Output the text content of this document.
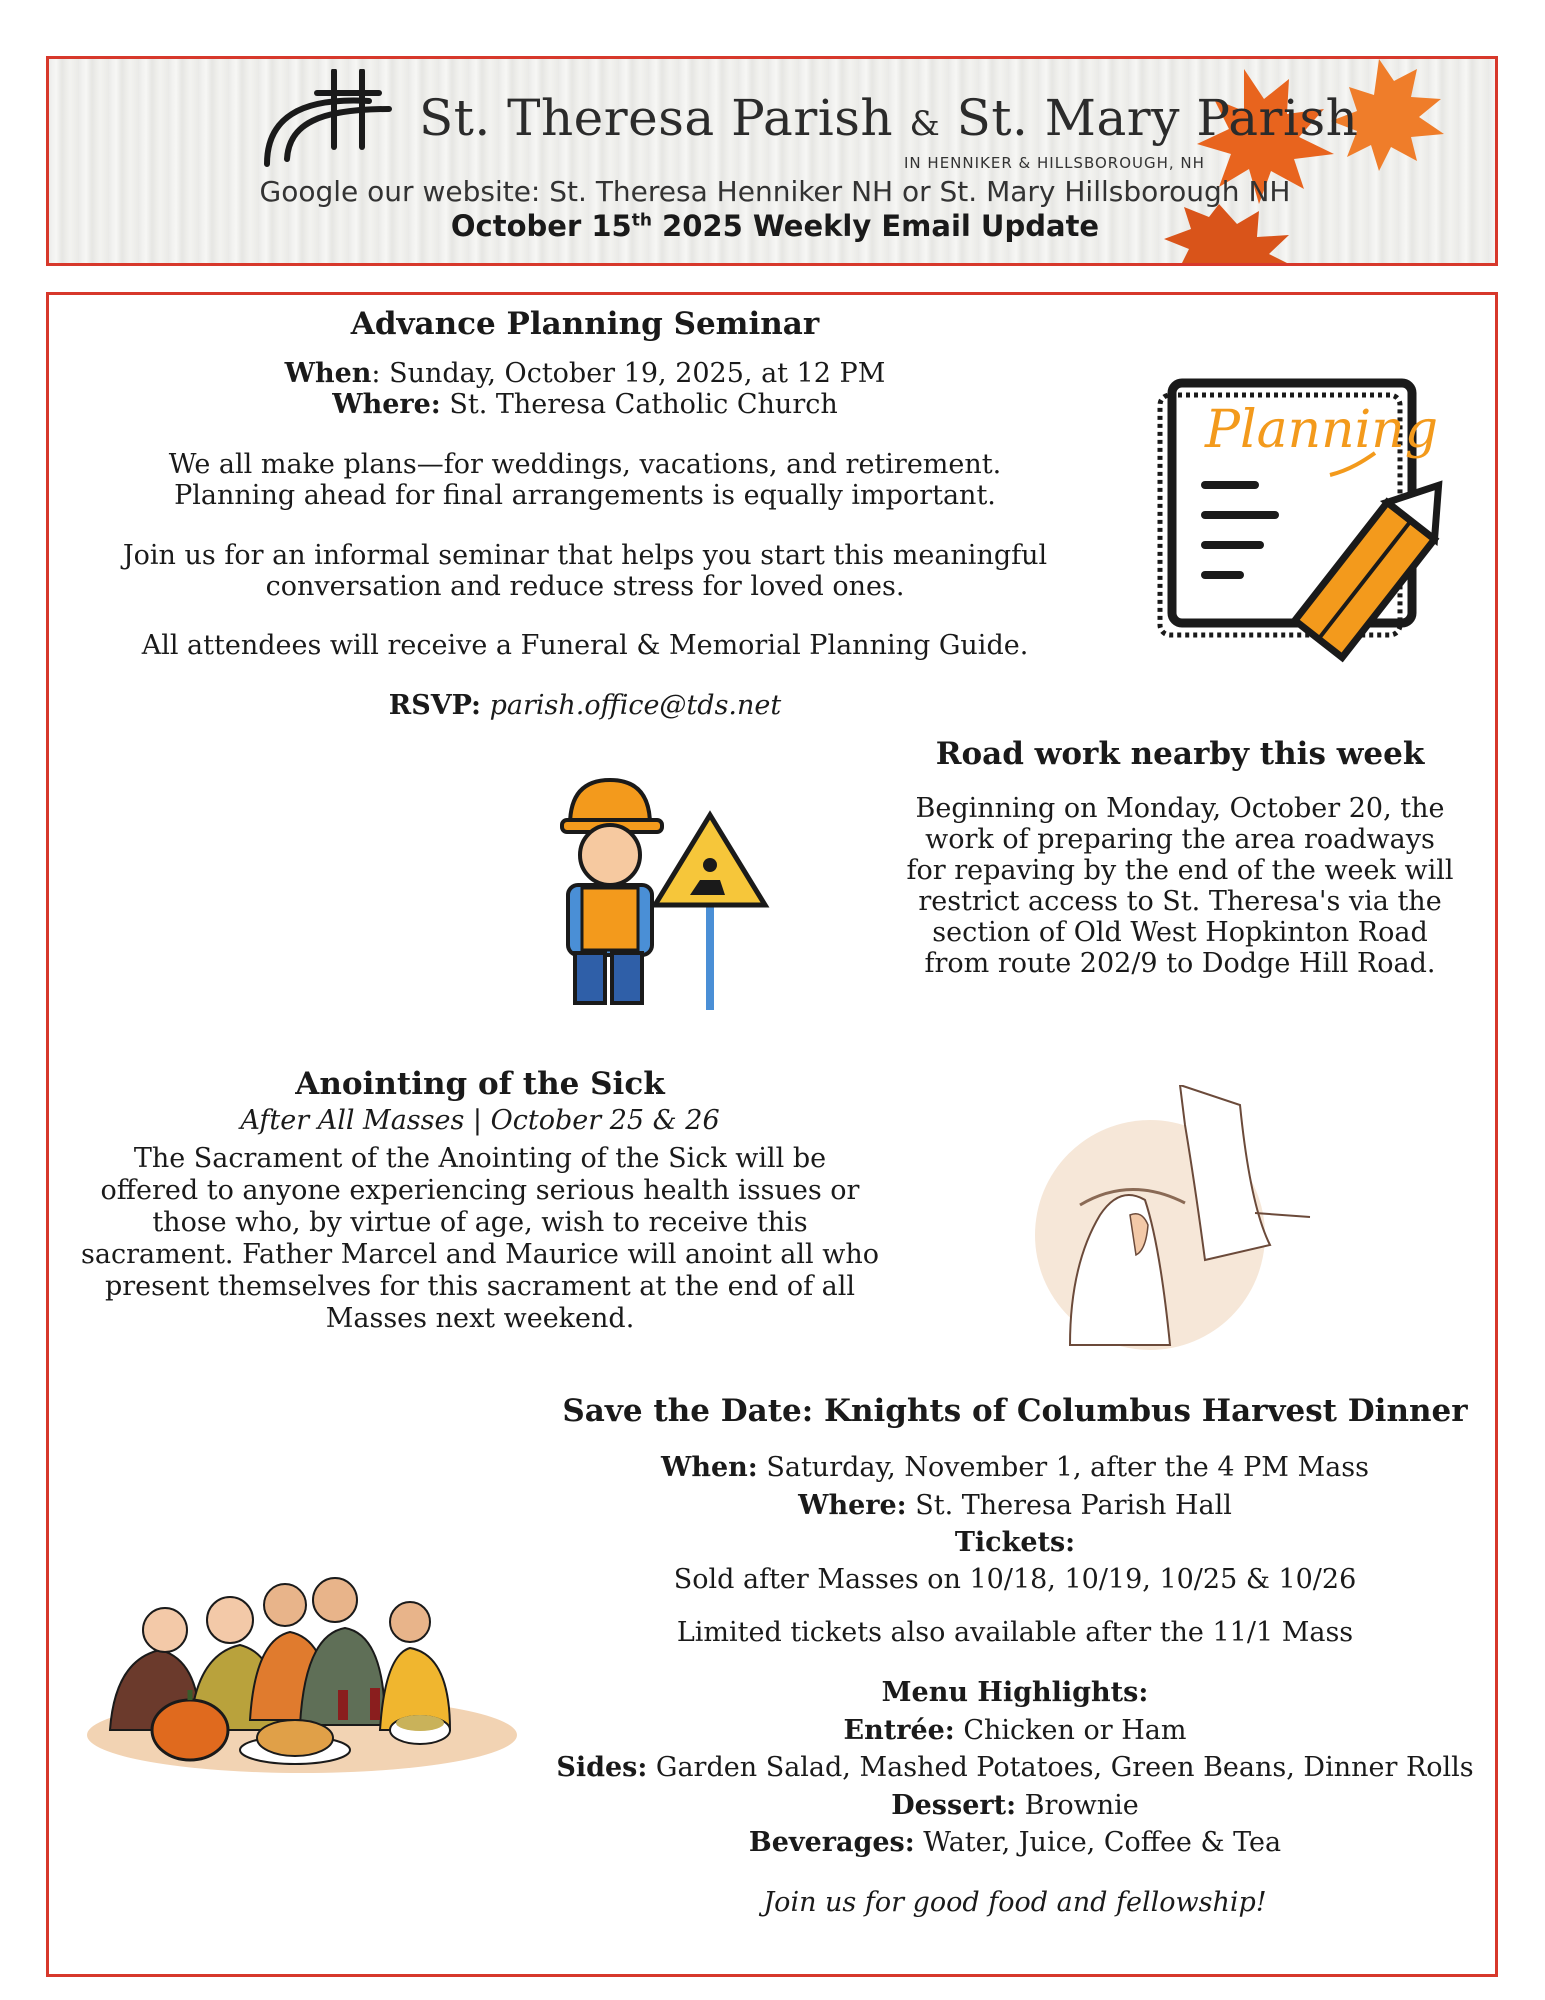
St. Theresa Parish & St. Mary Parish
IN HENNIKER & HILLSBOROUGH, NH
Google our website: St. Theresa Henniker NH or St. Mary Hillsborough NH
October 15th 2025 Weekly Email Update
Advance Planning Seminar
When: Sunday, October 19, 2025, at 12 PM
Where: St. Theresa Catholic Church
We all make plans—for weddings, vacations, and retirement.
Planning ahead for final arrangements is equally important.
Join us for an informal seminar that helps you start this meaningful
conversation and reduce stress for loved ones.
All attendees will receive a Funeral & Memorial Planning Guide.
RSVP: parish.office@tds.net
Planning
Road work nearby this week
Beginning on Monday, October 20, the
work of preparing the area roadways
for repaving by the end of the week will
restrict access to St. Theresa's via the
section of Old West Hopkinton Road
from route 202/9 to Dodge Hill Road.
Anointing of the Sick
After All Masses | October 25 & 26
The Sacrament of the Anointing of the Sick will be
offered to anyone experiencing serious health issues or
those who, by virtue of age, wish to receive this
sacrament. Father Marcel and Maurice will anoint all who
present themselves for this sacrament at the end of all
Masses next weekend.
Save the Date: Knights of Columbus Harvest Dinner
When: Saturday, November 1, after the 4 PM Mass
Where: St. Theresa Parish Hall
Tickets:
Sold after Masses on 10/18, 10/19, 10/25 & 10/26
Limited tickets also available after the 11/1 Mass
Menu Highlights:
Entrée: Chicken or Ham
Sides: Garden Salad, Mashed Potatoes, Green Beans, Dinner Rolls
Dessert: Brownie
Beverages: Water, Juice, Coffee & Tea
Join us for good food and fellowship!
